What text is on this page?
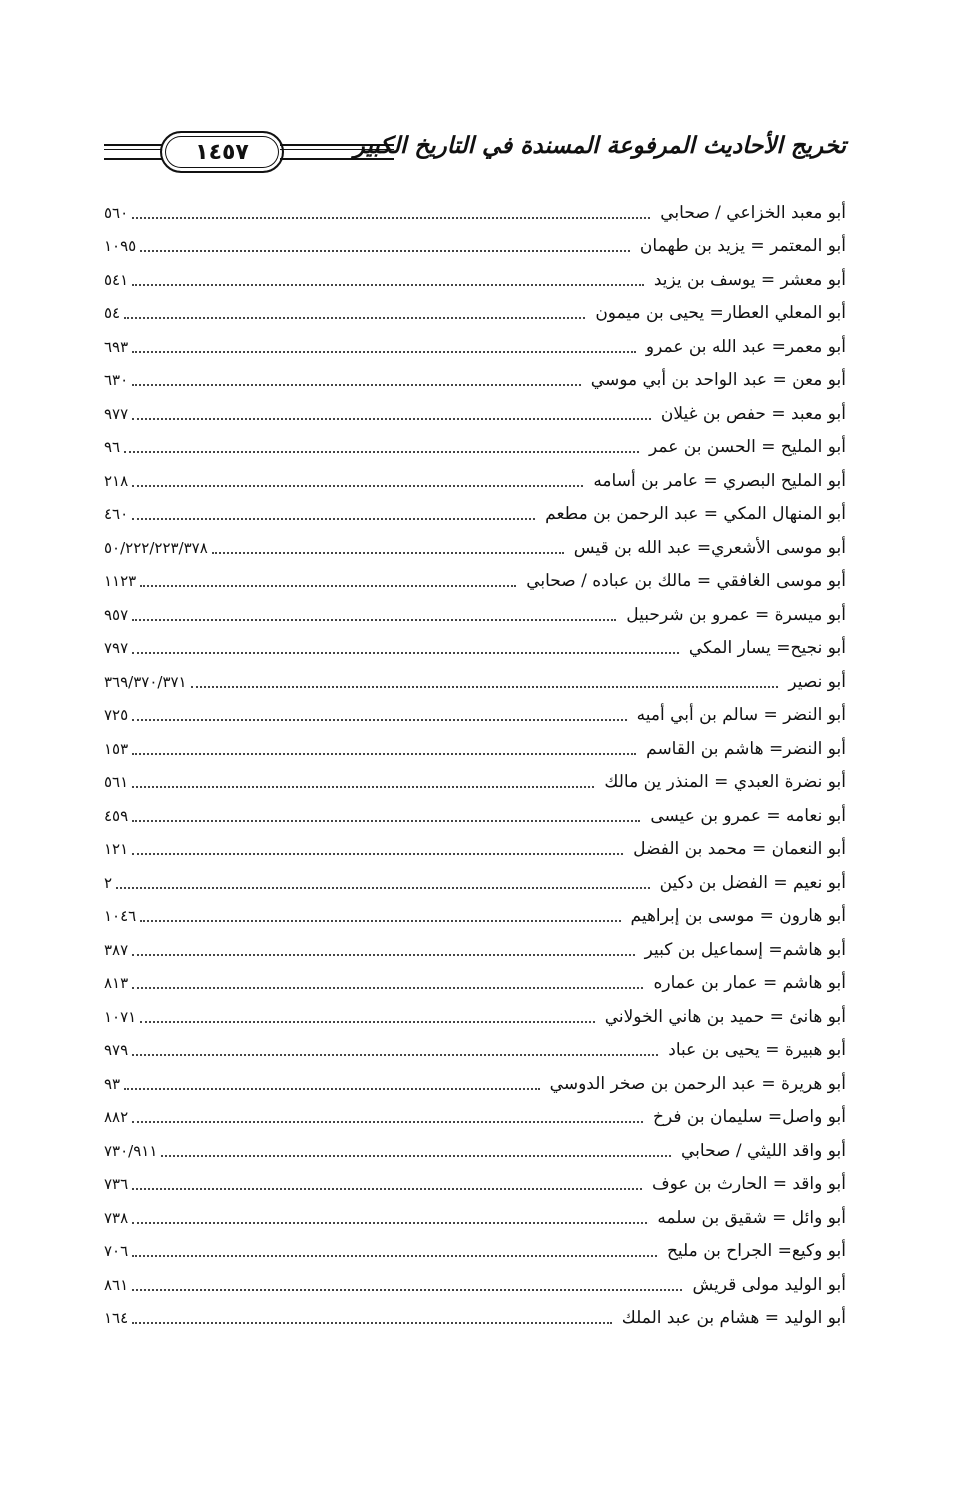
١٤٥٧	تخريج الأحاديث المرفوعة المسندة في التاريخ الكبير
أبو معبد الخزاعي / صحابي
٥٦٠
أبو المعتمر = يزيد بن طهمان
١٠٩٥
أبو معشر = يوسف بن يزيد
٥٤١
أبو المعلي العطار= يحيى بن ميمون
٥٤
أبو معمر= عبد الله بن عمرو
٦٩٣
أبو معن = عبد الواحد بن أبي موسي
٦٣٠
أبو معبد = حفص بن غيلان
٩٧٧
أبو المليح = الحسن بن عمر
٩٦
أبو المليح البصري = عامر بن أسامه
٢١٨
أبو المنهال المكي = عبد الرحمن بن مطعم
٤٦٠
أبو موسى الأشعري= عبد الله بن قيس
٥٠/٢٢٢/٢٢٣/٣٧٨
أبو موسى الغافقي = مالك بن عباده / صحابي
١١٢٣
أبو ميسرة = عمرو بن شرحبيل
٩٥٧
أبو نجيح= يسار المكي
٧٩٧
أبو نصير
٣٦٩/٣٧٠/٣٧١
أبو النضر = سالم بن أبي أميه
٧٢٥
أبو النضر= هاشم بن القاسم
١٥٣
أبو نضرة العبدي = المنذر ين مالك
٥٦١
أبو نعامه = عمرو بن عيسى
٤٥٩
أبو النعمان = محمد بن الفضل
١٢١
أبو نعيم = الفضل بن دكين
٢
أبو هارون = موسى بن إبراهيم
١٠٤٦
أبو هاشم= إسماعيل بن كبير
٣٨٧
أبو هاشم = عمار بن عماره
٨١٣
أبو هانئ = حميد بن هاني الخولاني
١٠٧١
أبو هبيرة = يحيى بن عباد
٩٧٩
أبو هريرة = عبد الرحمن بن صخر الدوسي
٩٣
أبو واصل= سليمان بن فرخ
٨٨٢
أبو واقد الليثي / صحابي
٧٣٠/٩١١
أبو واقد = الحارث بن عوف
٧٣٦
أبو وائل = شقيق بن سلمه
٧٣٨
أبو وكيع= الجراح بن مليح
٧٠٦
أبو الوليد مولى قريش
٨٦١
أبو الوليد = هشام بن عبد الملك
١٦٤
